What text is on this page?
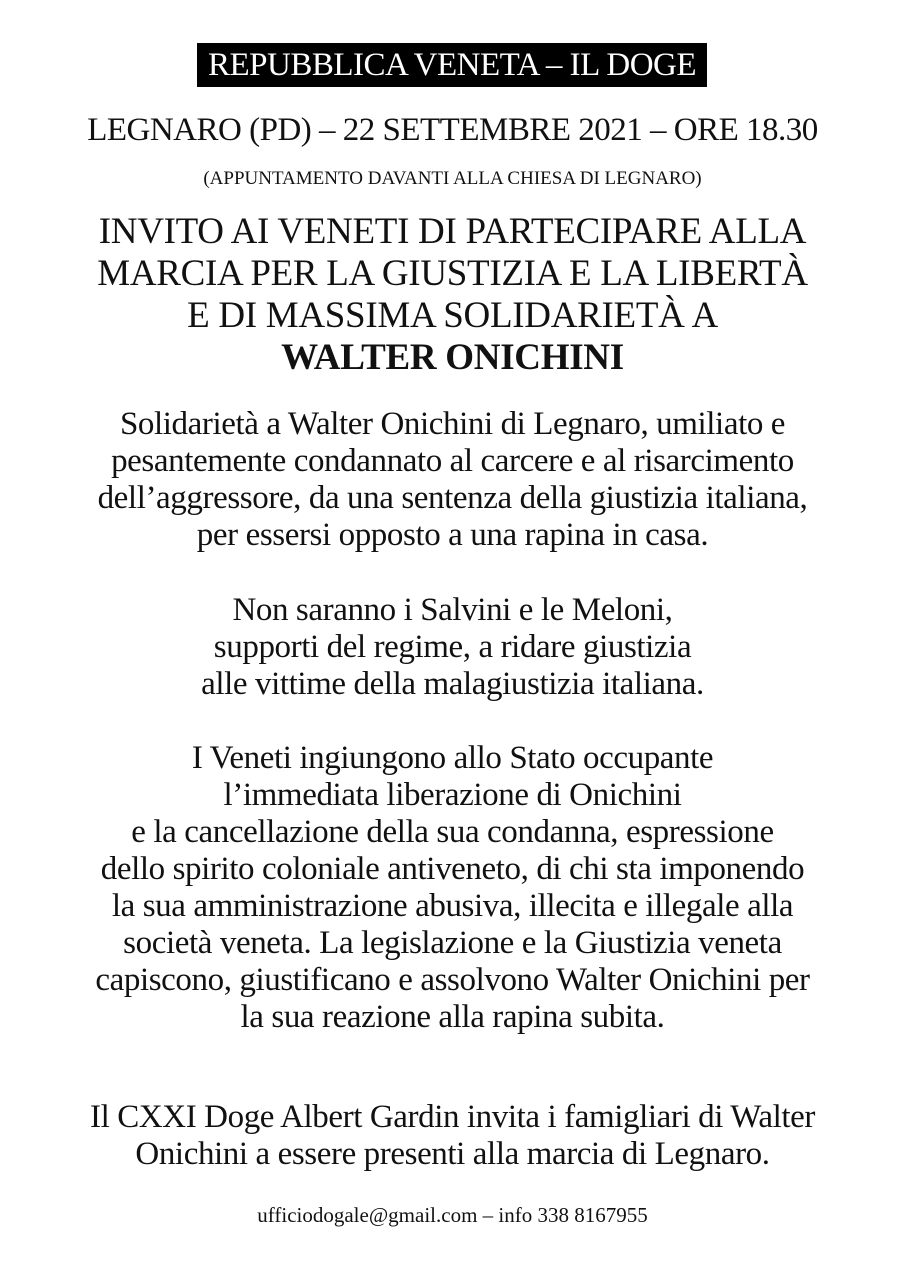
REPUBBLICA VENETA – IL DOGE
LEGNARO (PD) – 22 SETTEMBRE 2021 – ORE 18.30
(APPUNTAMENTO DAVANTI ALLA CHIESA DI LEGNARO)
INVITO AI VENETI DI PARTECIPARE ALLA
MARCIA PER LA GIUSTIZIA E LA LIBERTÀ
E DI MASSIMA SOLIDARIETÀ A
WALTER ONICHINI
Solidarietà a Walter Onichini di Legnaro, umiliato e
pesantemente condannato al carcere e al risarcimento
dell’aggressore, da una sentenza della giustizia italiana,
per essersi opposto a una rapina in casa.
Non saranno i Salvini e le Meloni,
supporti del regime, a ridare giustizia
alle vittime della malagiustizia italiana.
I Veneti ingiungono allo Stato occupante
l’immediata liberazione di Onichini
e la cancellazione della sua condanna, espressione
dello spirito coloniale antiveneto, di chi sta imponendo
la sua amministrazione abusiva, illecita e illegale alla
società veneta. La legislazione e la Giustizia veneta
capiscono, giustificano e assolvono Walter Onichini per
la sua reazione alla rapina subita.
Il CXXI Doge Albert Gardin invita i famigliari di Walter
Onichini a essere presenti alla marcia di Legnaro.
ufficiodogale@gmail.com – info 338 8167955
